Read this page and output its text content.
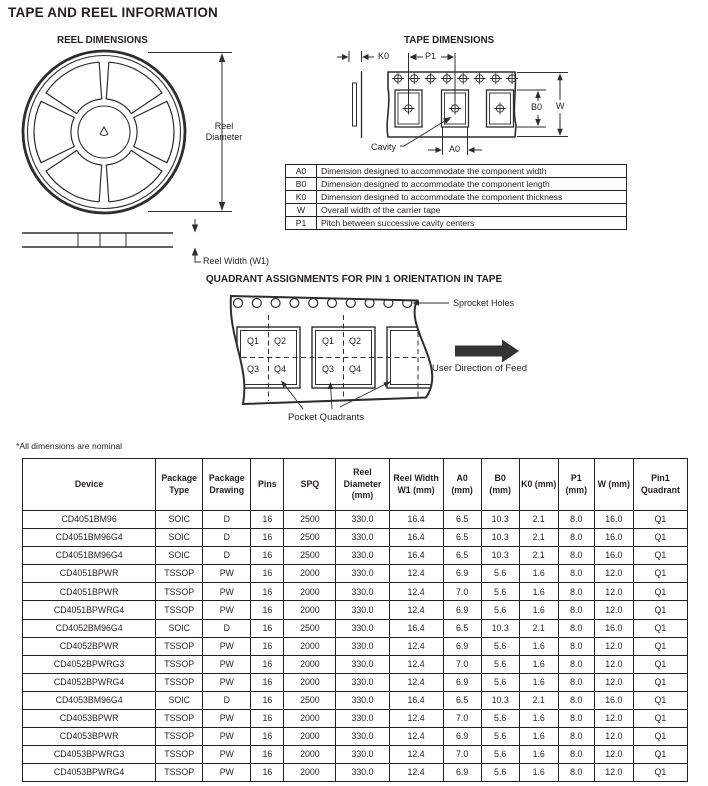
TAPE AND REEL INFORMATION
REEL DIMENSIONS	TAPE DIMENSIONS
Reel Diameter
Reel Width (W1)
K0	P1
B0 W
Cavity	A0
QUADRANT ASSIGNMENTS FOR PIN 1 ORIENTATION IN TAPE
Sprocket Holes
User Direction of Feed
Pocket Quadrants
Q1 Q2
Q3 Q4
Q1 Q2
Q3 Q4
A0	Dimension designed to accommodate the component width
B0	Dimension designed to accommodate the component length
K0	Dimension designed to accommodate the component thickness
W	Overall width of the carrier tape
P1	Pitch between successive cavity centers
*All dimensions are nominal
Device	Package Type	Package Drawing	Pins	SPQ	Reel Diameter (mm)	Reel Width W1 (mm)	A0 (mm)	B0 (mm)	K0 (mm)	P1 (mm)	W (mm)	Pin1 Quadrant
CD4051BM96	SOIC	D	16	2500	330.0	16.4	6.5	10.3	2.1	8.0	16.0	Q1
CD4051BM96G4	SOIC	D	16	2500	330.0	16.4	6.5	10.3	2.1	8.0	16.0	Q1
CD4051BM96G4	SOIC	D	16	2500	330.0	16.4	6.5	10.3	2.1	8.0	16.0	Q1
CD4051BPWR	TSSOP	PW	16	2000	330.0	12.4	6.9	5.6	1.6	8.0	12.0	Q1
CD4051BPWR	TSSOP	PW	16	2000	330.0	12.4	7.0	5.6	1.6	8.0	12.0	Q1
CD4051BPWRG4	TSSOP	PW	16	2000	330.0	12.4	6.9	5.6	1.6	8.0	12.0	Q1
CD4052BM96G4	SOIC	D	16	2500	330.0	16.4	6.5	10.3	2.1	8.0	16.0	Q1
CD4052BPWR	TSSOP	PW	16	2000	330.0	12.4	6.9	5.6	1.6	8.0	12.0	Q1
CD4052BPWRG3	TSSOP	PW	16	2000	330.0	12.4	7.0	5.6	1.6	8.0	12.0	Q1
CD4052BPWRG4	TSSOP	PW	16	2000	330.0	12.4	6.9	5.6	1.6	8.0	12.0	Q1
CD4053BM96G4	SOIC	D	16	2500	330.0	16.4	6.5	10.3	2.1	8.0	16.0	Q1
CD4053BPWR	TSSOP	PW	16	2000	330.0	12.4	7.0	5.6	1.6	8.0	12.0	Q1
CD4053BPWR	TSSOP	PW	16	2000	330.0	12.4	6.9	5.6	1.6	8.0	12.0	Q1
CD4053BPWRG3	TSSOP	PW	16	2000	330.0	12.4	7.0	5.6	1.6	8.0	12.0	Q1
CD4053BPWRG4	TSSOP	PW	16	2000	330.0	12.4	6.9	5.6	1.6	8.0	12.0	Q1
